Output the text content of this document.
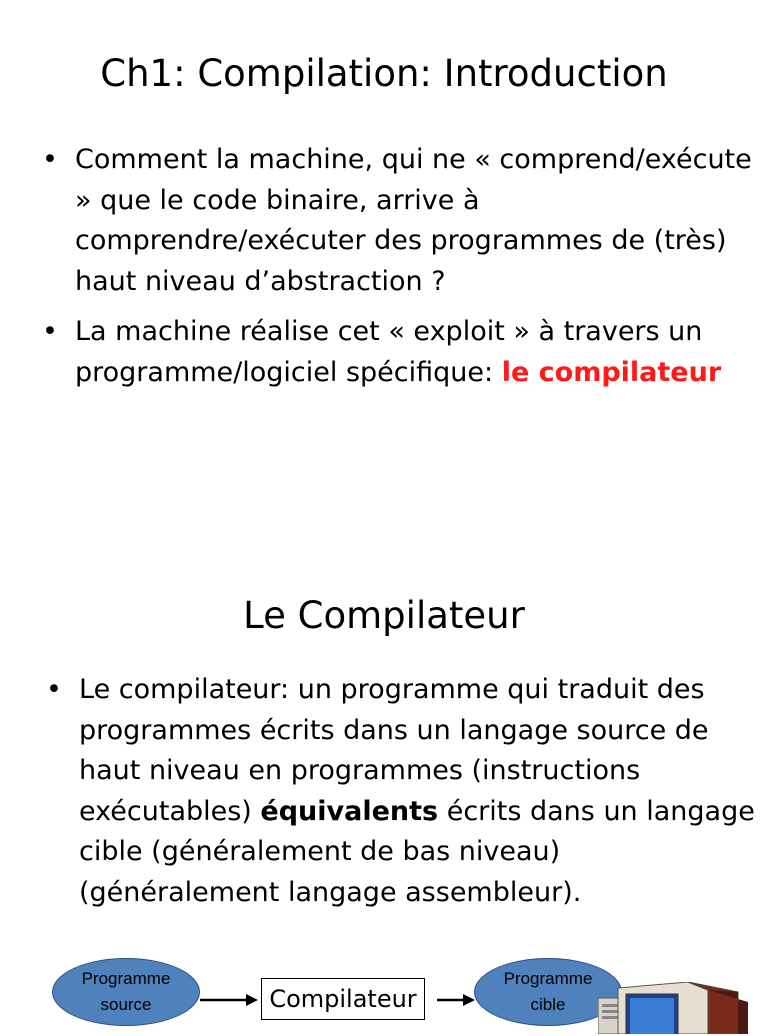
Ch1: Compilation: Introduction
• Comment la machine, qui ne « comprend/exécute » que le code binaire, arrive à comprendre/exécuter des programmes de (très) haut niveau d’abstraction ?
• La machine réalise cet « exploit » à travers un programme/logiciel spécifique: le compilateur
Le Compilateur
• Le compilateur: un programme qui traduit des programmes écrits dans un langage source de haut niveau en programmes (instructions exécutables) équivalents écrits dans un langage cible (généralement de bas niveau) (généralement langage assembleur).
Programme
source	Compilateur
Programme
cible
